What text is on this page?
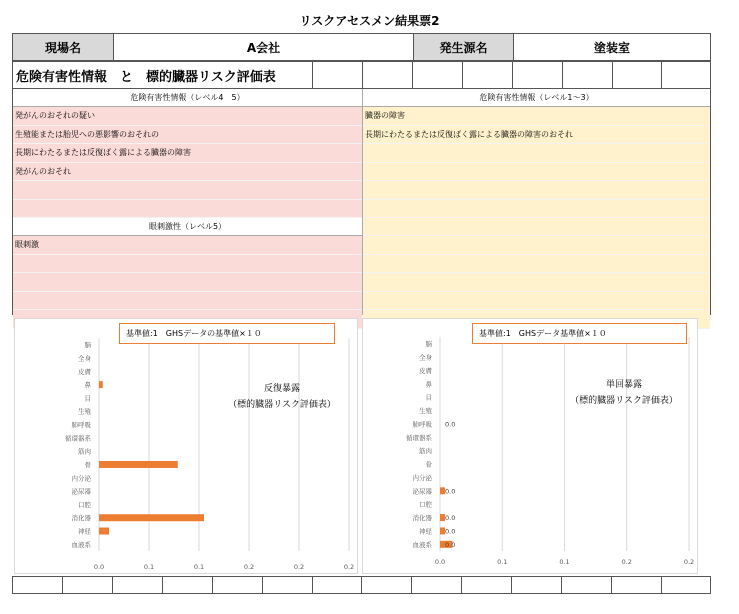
リスクアセスメン結果票2
現場名	A会社	発生源名	塗装室
危険有害性情報　と　標的臓器リスク評価表
危険有害性情報（レベル4　5）
発がんのおそれの疑い
生殖能または胎児への悪影響のおそれの
長期にわたるまたは反復ばく露による臓器の障害
発がんのおそれ
眼刺激性（レベル5）
眼刺激
危険有害性情報（レベル1〜3）
臓器の障害
長期にわたるまたは反復ばく露による臓器の障害のおそれ
0.0	0.1	0.1	0.2	0.2	0.2
脳
全身
皮膚
鼻
目
生殖
肺呼吸
循環器系
筋肉
骨
内分泌
泌尿器
口腔
消化器
神経
血液系
基準値:1　GHSデータの基準値×１０
反復暴露
（標的臓器リスク評価表）
0.0	0.1	0.1	0.2	0.2
脳
全身
皮膚
鼻
目
生殖
肺呼吸 0.0
循環器系
筋肉
骨
内分泌
泌尿器 0.0
口腔
消化器 0.0
神経 0.0
血液系 0.0
基準値:1　GHSデータ基準値×１０
単回暴露
（標的臓器リスク評価表）
